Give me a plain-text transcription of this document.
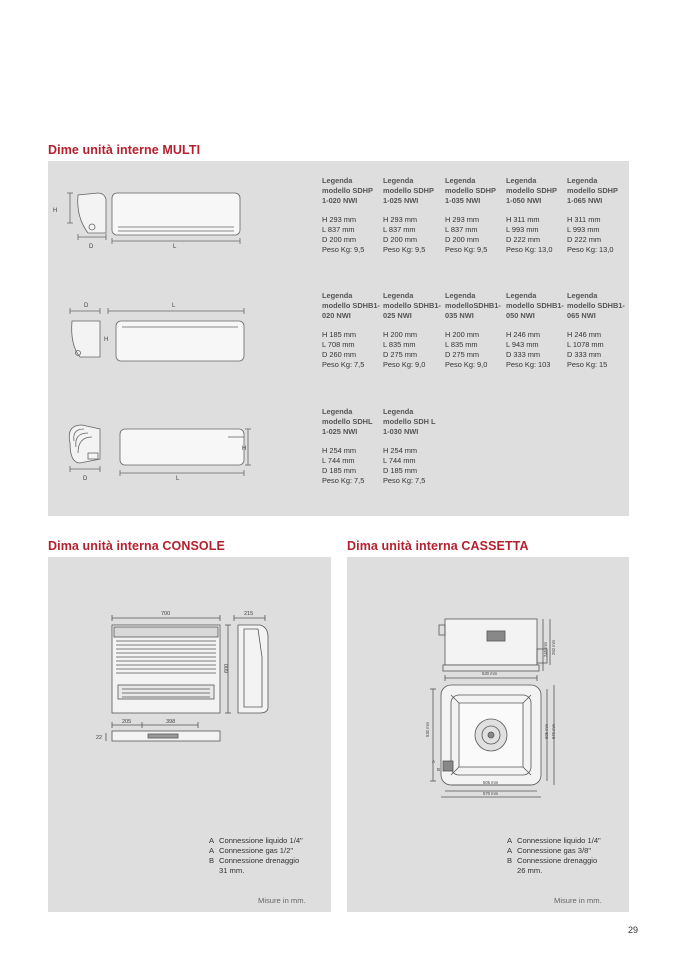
Dime unità interne MULTI
H
D	L
D	L
H
H
D	L
Legenda
modello SDHP
1-020 NWI
H 293 mm
L 837 mm
D 200 mm
Peso Kg: 9,5
Legenda
modello SDHP
1-025 NWI
H 293 mm
L 837 mm
D 200 mm
Peso Kg: 9,5
Legenda
modello SDHP
1-035 NWI
H 293 mm
L 837 mm
D 200 mm
Peso Kg: 9,5
Legenda
modello SDHP
1-050 NWI
H 311 mm
L 993 mm
D 222 mm
Peso Kg: 13,0
Legenda
modello SDHP
1-065 NWI
H 311 mm
L 993 mm
D 222 mm
Peso Kg: 13,0
Legenda
modello SDHB1-
020 NWI
H 185 mm
L 708 mm
D 260 mm
Peso Kg: 7,5
Legenda
modello SDHB1-
025 NWI
H 200 mm
L 835 mm
D 275 mm
Peso Kg: 9,0
Legenda
modelloSDHB1-
035 NWI
H 200 mm
L 835 mm
D 275 mm
Peso Kg: 9,0
Legenda
modello SDHB1-
050 NWI
H 246 mm
L 943 mm
D 333 mm
Peso Kg: 103
Legenda
modello SDHB1-
065 NWI
H 246 mm
L 1078 mm
D 333 mm
Peso Kg: 15
Legenda
modello SDHL
1-025 NWI
H 254 mm
L 744 mm
D 185 mm
Peso Kg: 7,5
Legenda
modello SDH L
1-030 NWI
H 254 mm
L 744 mm
D 185 mm
Peso Kg: 7,5
Dima unità interna CONSOLE
700	215
600
205	398
22
A Connessione liquido 1/4"
A Connessione gas 1/2"
B Connessione drenaggio
31 mm.
Misure in mm.
Dima unità interna CASSETTA
530 mm
260 mm
245 mm
530 mm	505 mm 570 mm
A
B
505 mm
570 mm
A Connessione liquido 1/4"
A Connessione gas 3/8"
B Connessione drenaggio
26 mm.
Misure in mm.
29
